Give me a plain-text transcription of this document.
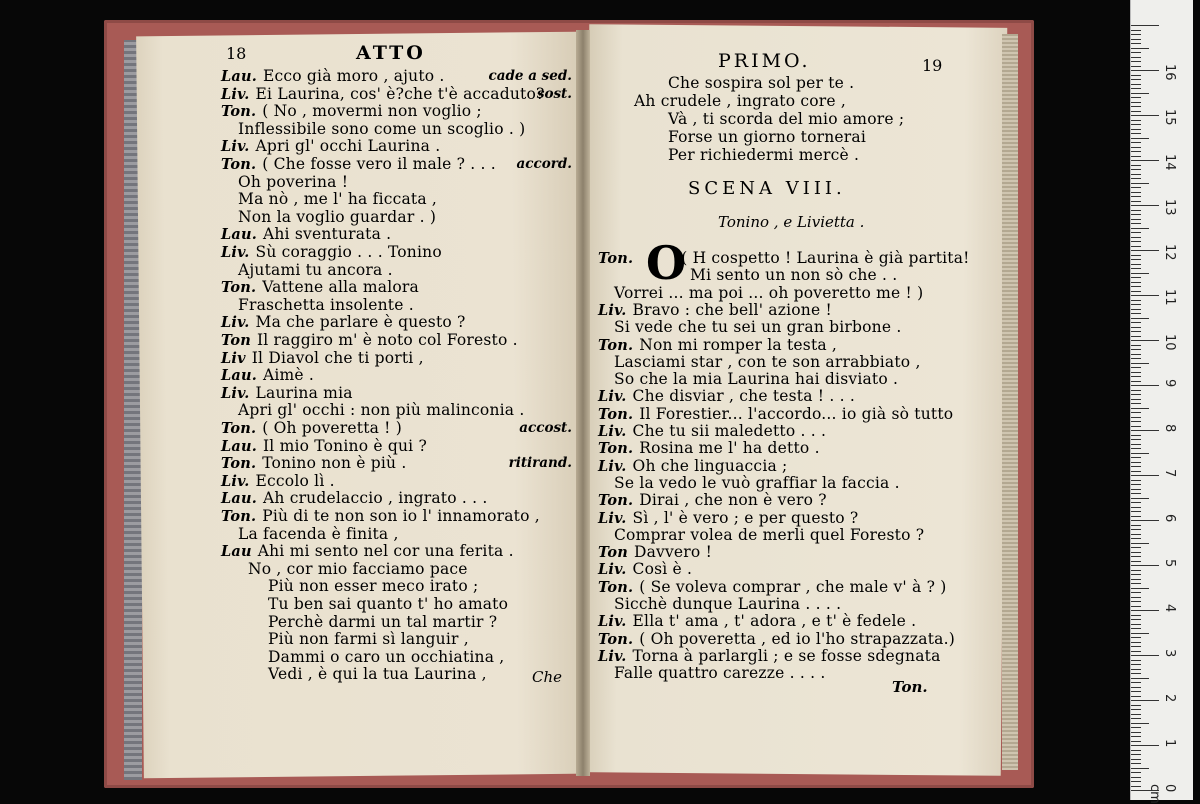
18	ATTO
Lau. Ecco già moro , ajuto .	cade a sed.
Liv. Ei Laurina, cos' è?che t'è accaduto?
sost.
Ton. ( No , movermi non voglio ;
Inflessibile sono come un scoglio . )
Liv. Apri gl' occhi Laurina .
Ton. ( Che fosse vero il male ? . . . accord.
Oh poverina !
Ma nò , me l' ha ficcata ,
Non la voglio guardar . )
Lau. Ahi sventurata .
Liv. Sù coraggio . . . Tonino
Ajutami tu ancora .
Ton. Vattene alla malora
Fraschetta insolente .
Liv. Ma che parlare è questo ?
Ton Il raggiro m' è noto col Foresto .
Liv Il Diavol che ti porti ,
Lau. Aimè .
Liv. Laurina mia
Apri gl' occhi : non più malinconia .
Ton. ( Oh poveretta ! )	accost.
Lau. Il mio Tonino è qui ?
Ton. Tonino non è più .	ritirand.
Liv. Eccolo lì .
Lau. Ah crudelaccio , ingrato . . .
Ton. Più di te non son io l' innamorato ,
La facenda è finita ,
Lau Ahi mi sento nel cor una ferita .
No , cor mio facciamo pace
Più non esser meco irato ;
Tu ben sai quanto t' ho amato
Perchè darmi un tal martir ?
Più non farmi sì languir ,
Dammi o caro un occhiatina ,
Vedi , è qui la tua Laurina ,	Che
PRIMO.	19
Che sospira sol per te .
Ah crudele , ingrato core ,
Và , ti scorda del mio amore ;
Forse un giorno tornerai
Per richiedermi mercè .
SCENA VIII.
Tonino , e Livietta .
O
Ton.	( H cospetto ! Laurina è già partita!
Mi sento un non sò che . .
Vorrei ... ma poi ... oh poveretto me ! )
Liv. Bravo : che bell' azione !
Si vede che tu sei un gran birbone .
Ton. Non mi romper la testa ,
Lasciami star , con te son arrabbiato ,
So che la mia Laurina hai disviato .
Liv. Che disviar , che testa ! . . .
Ton. Il Forestier... l'accordo... io già sò tutto
Liv. Che tu sii maledetto . . .
Ton. Rosina me l' ha detto .
Liv. Oh che linguaccia ;
Se la vedo le vuò graffiar la faccia .
Ton. Dirai , che non è vero ?
Liv. Sì , l' è vero ; e per questo ?
Comprar volea de merli quel Foresto ?
Ton Davvero !
Liv. Così è .
Ton. ( Se voleva comprar , che male v' à ? )
Sicchè dunque Laurina . . . .
Liv. Ella t' ama , t' adora , e t' è fedele .
Ton. ( Oh poveretta , ed io l'ho strapazzata.)
Liv. Torna à parlargli ; e se fosse sdegnata
Falle quattro carezze . . . .
Ton.
16
15
14
13
12
11
10
9
8
7
6
5
4
3
2
1
0 cm
